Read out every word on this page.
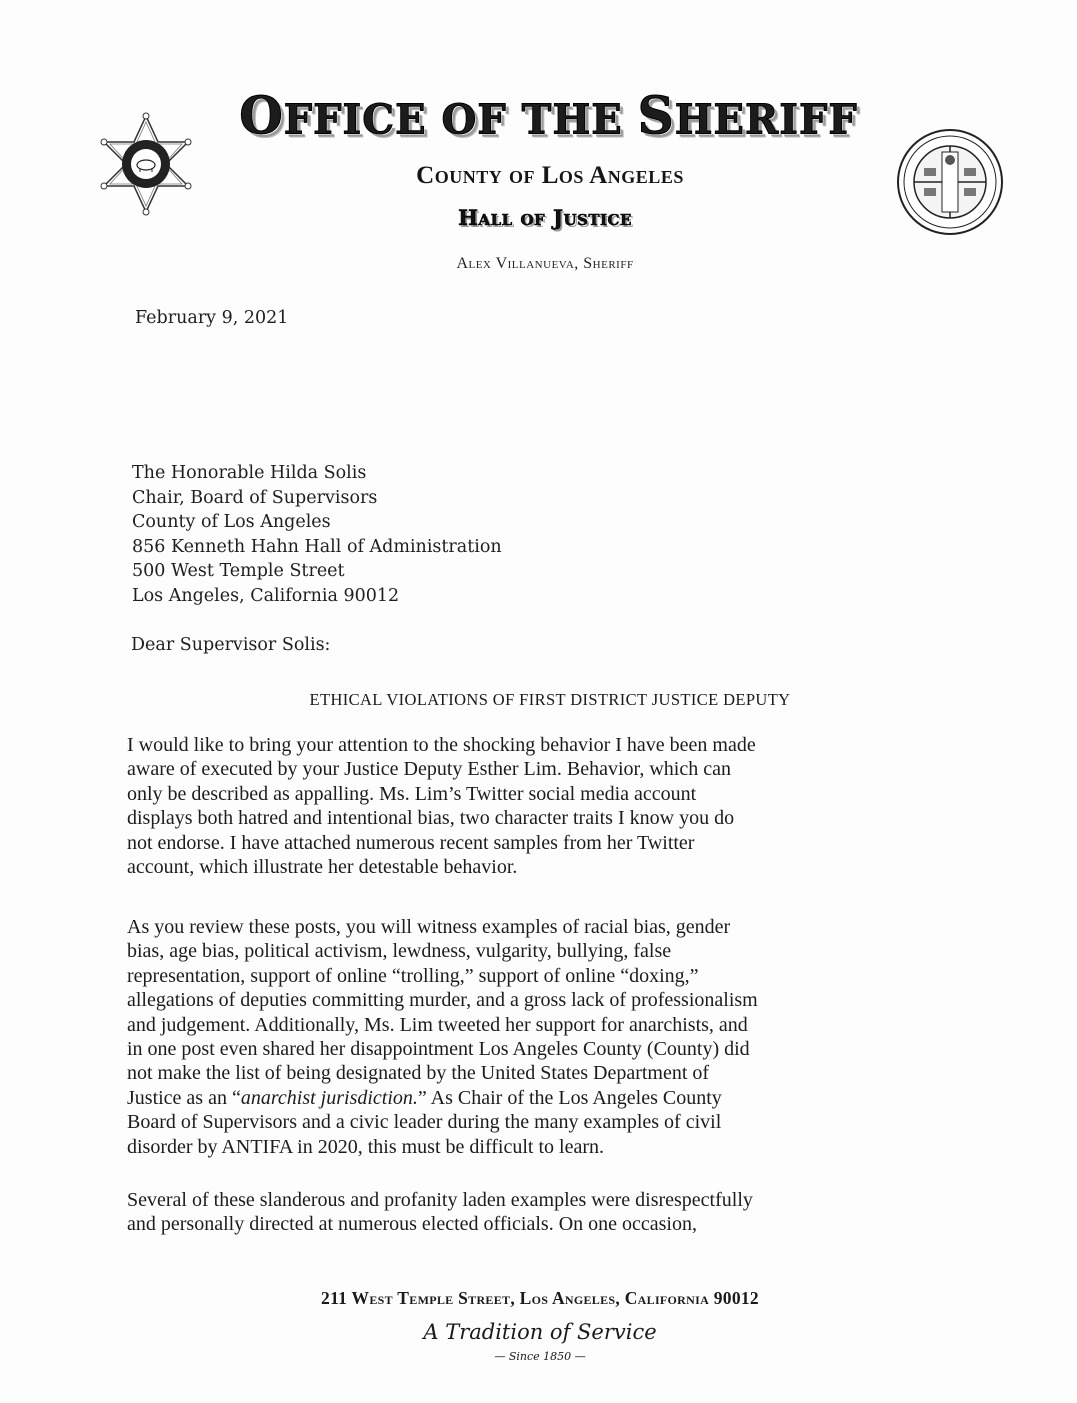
OFFICE OF THE SHERIFF
County of Los Angeles
Hall of Justice
Alex Villanueva, Sheriff
February 9, 2021
The Honorable Hilda Solis
Chair, Board of Supervisors
County of Los Angeles
856 Kenneth Hahn Hall of Administration
500 West Temple Street
Los Angeles, California 90012
Dear Supervisor Solis:
ETHICAL VIOLATIONS OF FIRST DISTRICT JUSTICE DEPUTY
I would like to bring your attention to the shocking behavior I have been made
aware of executed by your Justice Deputy Esther Lim. Behavior, which can
only be described as appalling. Ms. Lim’s Twitter social media account
displays both hatred and intentional bias, two character traits I know you do
not endorse. I have attached numerous recent samples from her Twitter
account, which illustrate her detestable behavior.
As you review these posts, you will witness examples of racial bias, gender
bias, age bias, political activism, lewdness, vulgarity, bullying, false
representation, support of online “trolling,” support of online “doxing,”
allegations of deputies committing murder, and a gross lack of professionalism
and judgement. Additionally, Ms. Lim tweeted her support for anarchists, and
in one post even shared her disappointment Los Angeles County (County) did
not make the list of being designated by the United States Department of
Justice as an “anarchist jurisdiction.” As Chair of the Los Angeles County
Board of Supervisors and a civic leader during the many examples of civil
disorder by ANTIFA in 2020, this must be difficult to learn.
Several of these slanderous and profanity laden examples were disrespectfully
and personally directed at numerous elected officials. On one occasion,
211 West Temple Street, Los Angeles, California 90012
A Tradition of Service
— Since 1850 —
